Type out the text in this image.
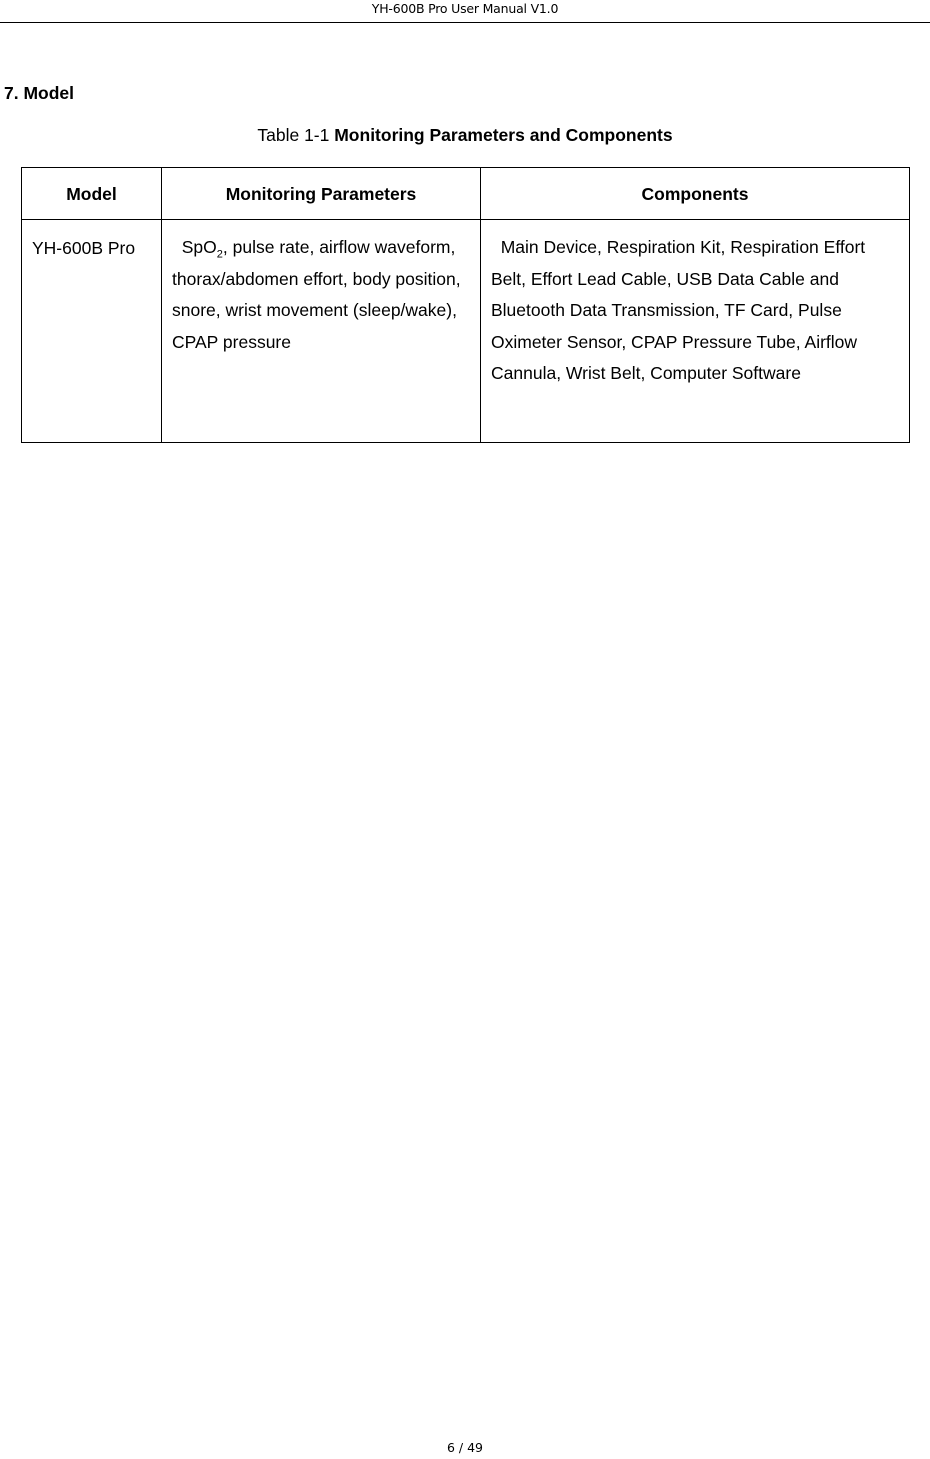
YH-600B Pro User Manual V1.0
7. Model
Table 1-1 Monitoring Parameters and Components
Model	Monitoring Parameters	Components
YH-600B Pro	SpO$_2$, pulse rate, airflow waveform, thorax/abdomen effort, body position, snore, wrist movement (sleep/wake), CPAP pressure	Main Device, Respiration Kit, Respiration Effort Belt, Effort Lead Cable, USB Data Cable and Bluetooth Data Transmission, TF Card, Pulse Oximeter Sensor, CPAP Pressure Tube, Airflow Cannula, Wrist Belt, Computer Software
6 / 49
